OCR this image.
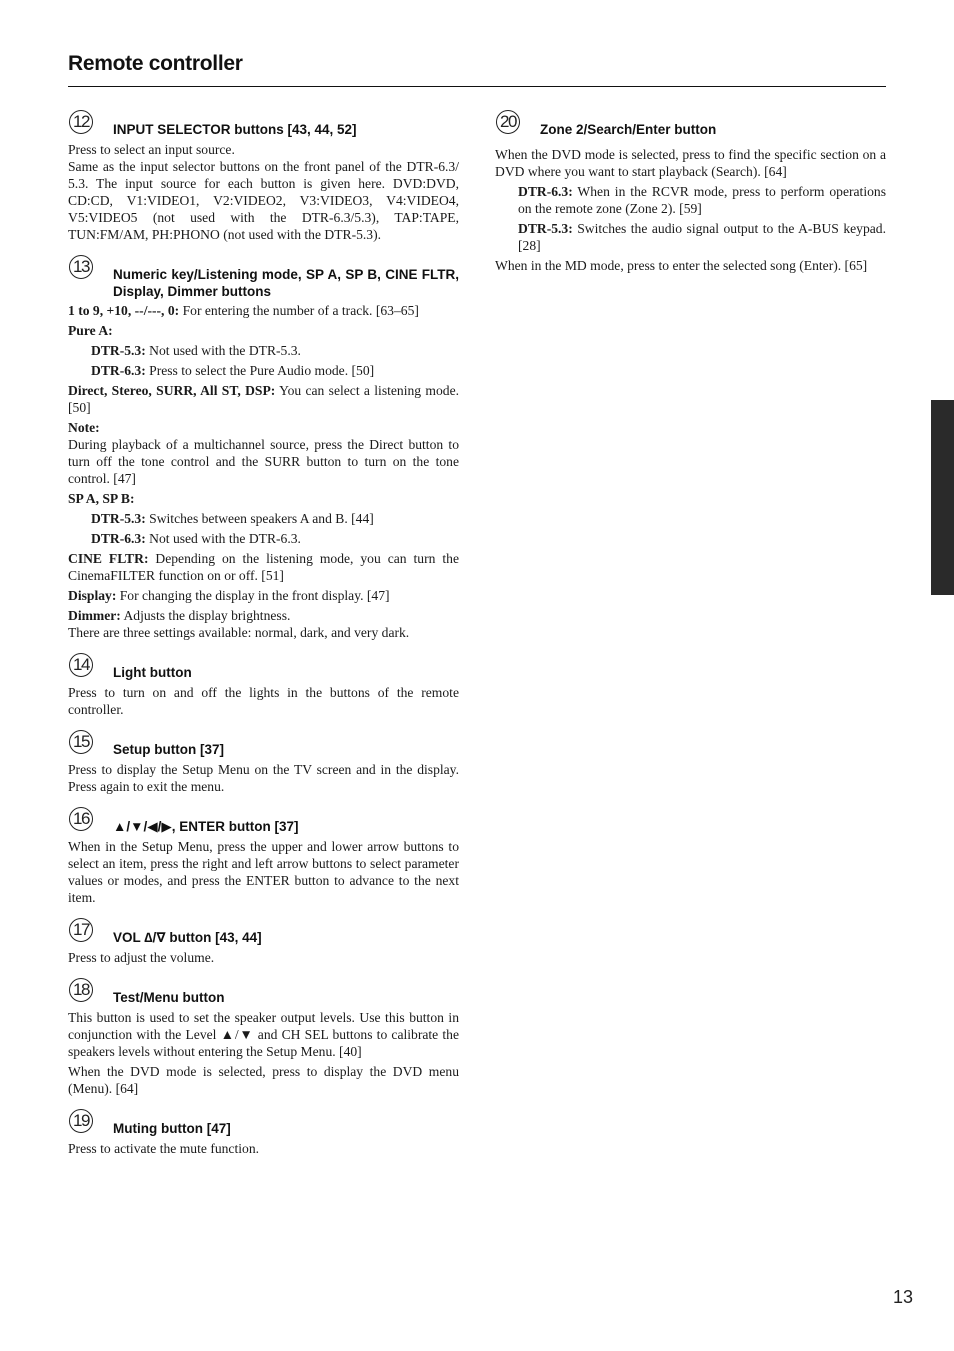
Remote controller
12 INPUT SELECTOR buttons [43, 44, 52]

Press to select an input source.

Same as the input selector buttons on the front panel of the DTR-6.3/ 5.3. The input source for each button is given here. DVD:DVD, CD:CD, V1:VIDEO1, V2:VIDEO2, V3:VIDEO3, V4:VIDEO4, V5:VIDEO5 (not used with the DTR-6.3/5.3), TAP:TAPE, TUN:FM/AM, PH:PHONO (not used with the DTR-5.3).

13 Numeric key/Listening mode, SP A, SP B, CINE FLTR, Display, Dimmer buttons

1 to 9, +10, --/---, 0: For entering the number of a track. [63–65]

Pure A:

DTR-5.3: Not used with the DTR-5.3.

DTR-6.3: Press to select the Pure Audio mode. [50]

Direct, Stereo, SURR, All ST, DSP: You can select a listening mode. [50]

Note:

During playback of a multichannel source, press the Direct button to turn off the tone control and the SURR button to turn on the tone control. [47]

SP A, SP B:

DTR-5.3: Switches between speakers A and B. [44]

DTR-6.3: Not used with the DTR-6.3.

CINE FLTR: Depending on the listening mode, you can turn the CinemaFILTER function on or off. [51]

Display: For changing the display in the front display. [47]

Dimmer: Adjusts the display brightness.

There are three settings available: normal, dark, and very dark.

14 Light button

Press to turn on and off the lights in the buttons of the remote controller.

15 Setup button [37]

Press to display the Setup Menu on the TV screen and in the display. Press again to exit the menu.

16 ▲/▼/◀/▶, ENTER button [37]

When in the Setup Menu, press the upper and lower arrow buttons to select an item, press the right and left arrow buttons to select parameter values or modes, and press the ENTER button to advance to the next item.

17 VOL ∆/∇ button [43, 44]

Press to adjust the volume.

18 Test/Menu button

This button is used to set the speaker output levels. Use this button in conjunction with the Level ▲/▼ and CH SEL buttons to calibrate the speakers levels without entering the Setup Menu. [40]

When the DVD mode is selected, press to display the DVD menu (Menu). [64]

19 Muting button [47]

Press to activate the mute function.

20 Zone 2/Search/Enter button

When the DVD mode is selected, press to find the specific section on a DVD where you want to start playback (Search). [64]

DTR-6.3: When in the RCVR mode, press to perform operations on the remote zone (Zone 2). [59]

DTR-5.3: Switches the audio signal output to the A-BUS keypad. [28]

When in the MD mode, press to enter the selected song (Enter). [65]

13
